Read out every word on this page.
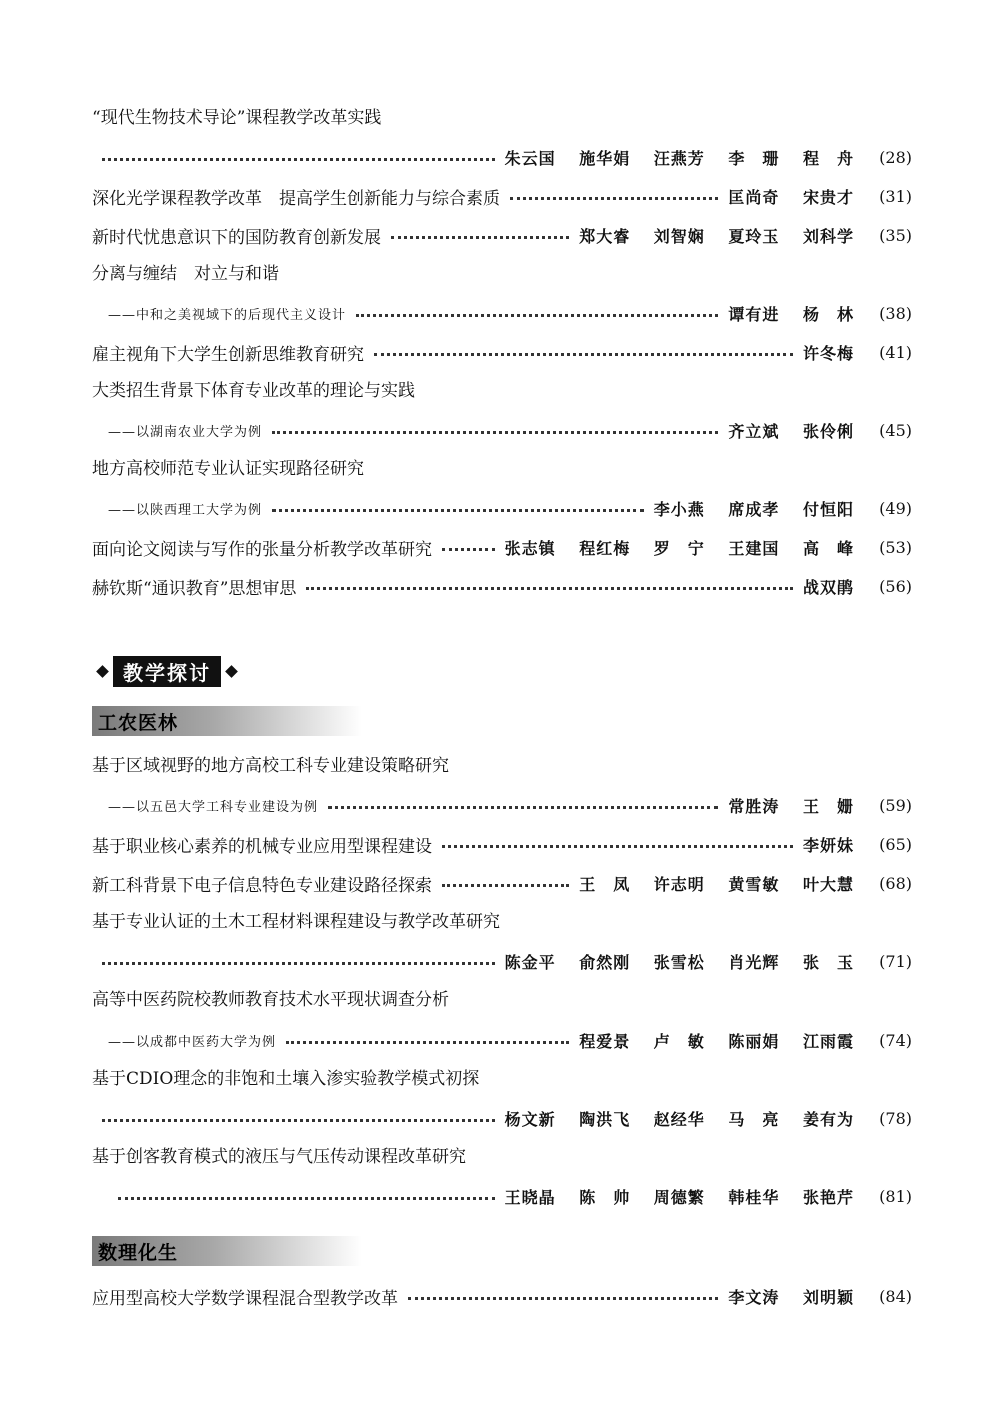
“现代生物技术导论”课程教学改革实践
朱云国　 施华娟　 汪燕芳　 李　珊　 程　舟	(28)
深化光学课程教学改革　提高学生创新能力与综合素质	匡尚奇　 宋贵才	(31)
新时代忧患意识下的国防教育创新发展	郑大睿　 刘智娴　 夏玲玉　 刘科学	(35)
分离与缠结　对立与和谐
——中和之美视域下的后现代主义设计	谭有进　 杨　林	(38)
雇主视角下大学生创新思维教育研究	许冬梅	(41)
大类招生背景下体育专业改革的理论与实践
——以湖南农业大学为例	齐立斌　 张伶俐	(45)
地方高校师范专业认证实现路径研究
——以陕西理工大学为例	李小燕　 席成孝　 付恒阳	(49)
面向论文阅读与写作的张量分析教学改革研究	张志镇　 程红梅　 罗　宁　 王建国　 高　峰	(53)
赫钦斯“通识教育”思想审思	战双鹃	(56)
教学探讨
工农医林
基于区域视野的地方高校工科专业建设策略研究
——以五邑大学工科专业建设为例	常胜涛　 王　姗	(59)
基于职业核心素养的机械专业应用型课程建设	李妍妹	(65)
新工科背景下电子信息特色专业建设路径探索	王　凤　 许志明　 黄雪敏　 叶大慧	(68)
基于专业认证的土木工程材料课程建设与教学改革研究
陈金平　 俞然刚　 张雪松　 肖光辉　 张　玉	(71)
高等中医药院校教师教育技术水平现状调查分析
——以成都中医药大学为例	程爱景　 卢　敏　 陈丽娟　 江雨霞	(74)
基于CDIO理念的非饱和土壤入渗实验教学模式初探
杨文新　 陶洪飞　 赵经华　 马　亮　 姜有为	(78)
基于创客教育模式的液压与气压传动课程改革研究
王晓晶　 陈　帅　 周德繁　 韩桂华　 张艳芹	(81)
数理化生
应用型高校大学数学课程混合型教学改革	李文涛　 刘明颖	(84)
